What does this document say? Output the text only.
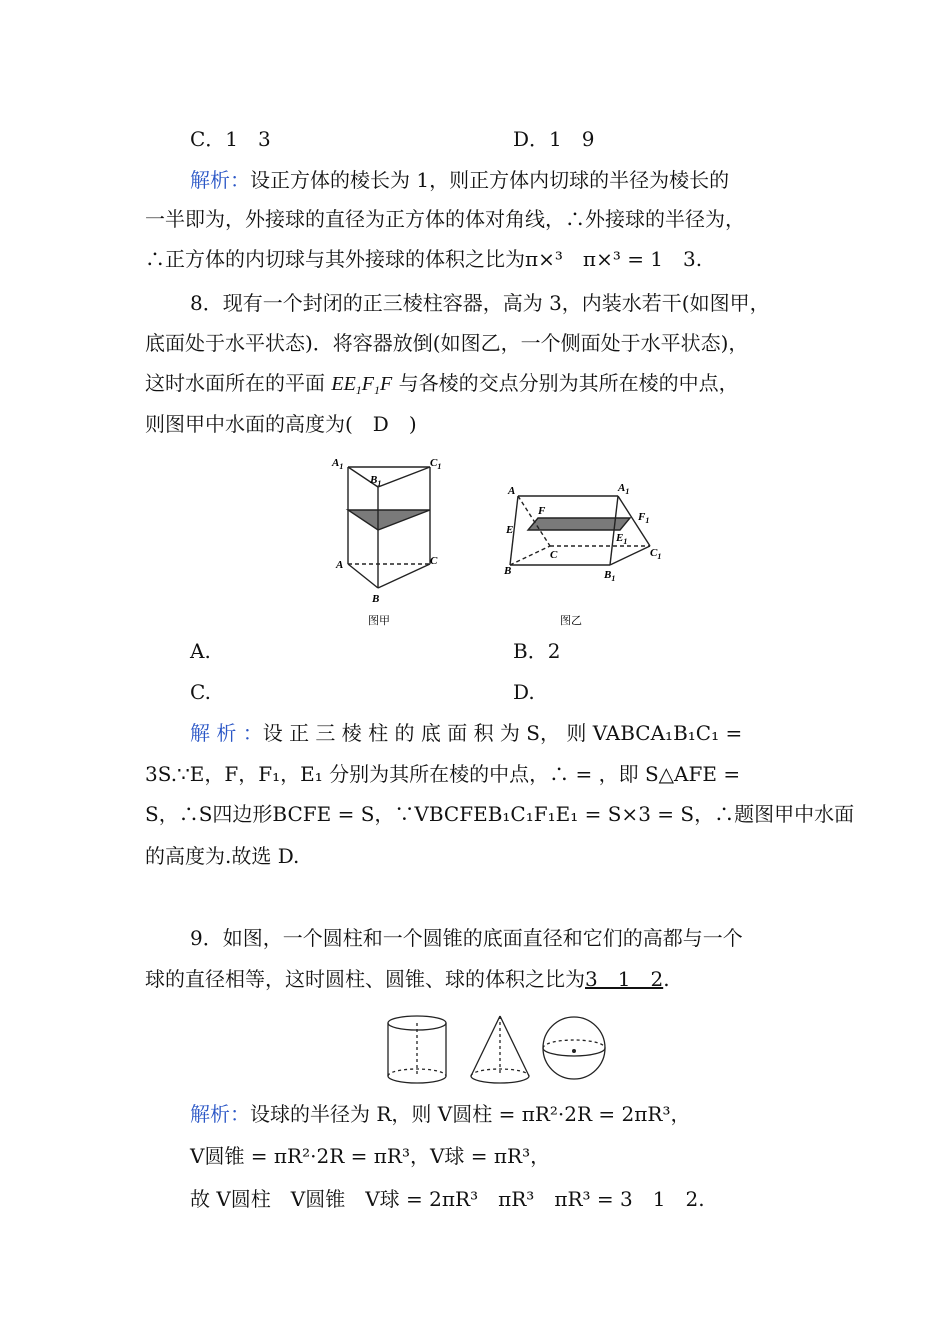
C．1　3	D．1　9
解析：设正方体的棱长为 1，则正方体内切球的半径为棱长的
一半即为，外接球的直径为正方体的体对角线，∴外接球的半径为，
∴正方体的内切球与其外接球的体积之比为π×³　π×³ = 1　3.
8．现有一个封闭的正三棱柱容器，高为 3，内装水若干(如图甲，
底面处于水平状态)．将容器放倒(如图乙，一个侧面处于水平状态)，
这时水面所在的平面 $EE_1F_1F$ 与各棱的交点分别为其所在棱的中点，
则图甲中水面的高度为(　D　)
$A_1$
$B_1$
$C_1$
A
B
C
图甲
A	$A_1$
F	$F_1$
E
$E_1$
C	$C_1$
B	$B_1$
图乙
A.	B．2
C.	D.
解 析 ：设 正 三 棱 柱 的 底 面 积 为 S， 则 VABCA₁B₁C₁ =
3S.∵E，F，F₁，E₁ 分别为其所在棱的中点，∴ = ，即 S△AFE =
S，∴S四边形BCFE = S，∵VBCFEB₁C₁F₁E₁ = S×3 = S，∴题图甲中水面
的高度为.故选 D.
9．如图，一个圆柱和一个圆锥的底面直径和它们的高都与一个
球的直径相等，这时圆柱、圆锥、球的体积之比为3　1　2.
解析：设球的半径为 R，则 V圆柱 = πR²·2R = 2πR³，
V圆锥 = πR²·2R = πR³，V球 = πR³，
故 V圆柱　V圆锥　V球 = 2πR³　πR³　πR³ = 3　1　2.
